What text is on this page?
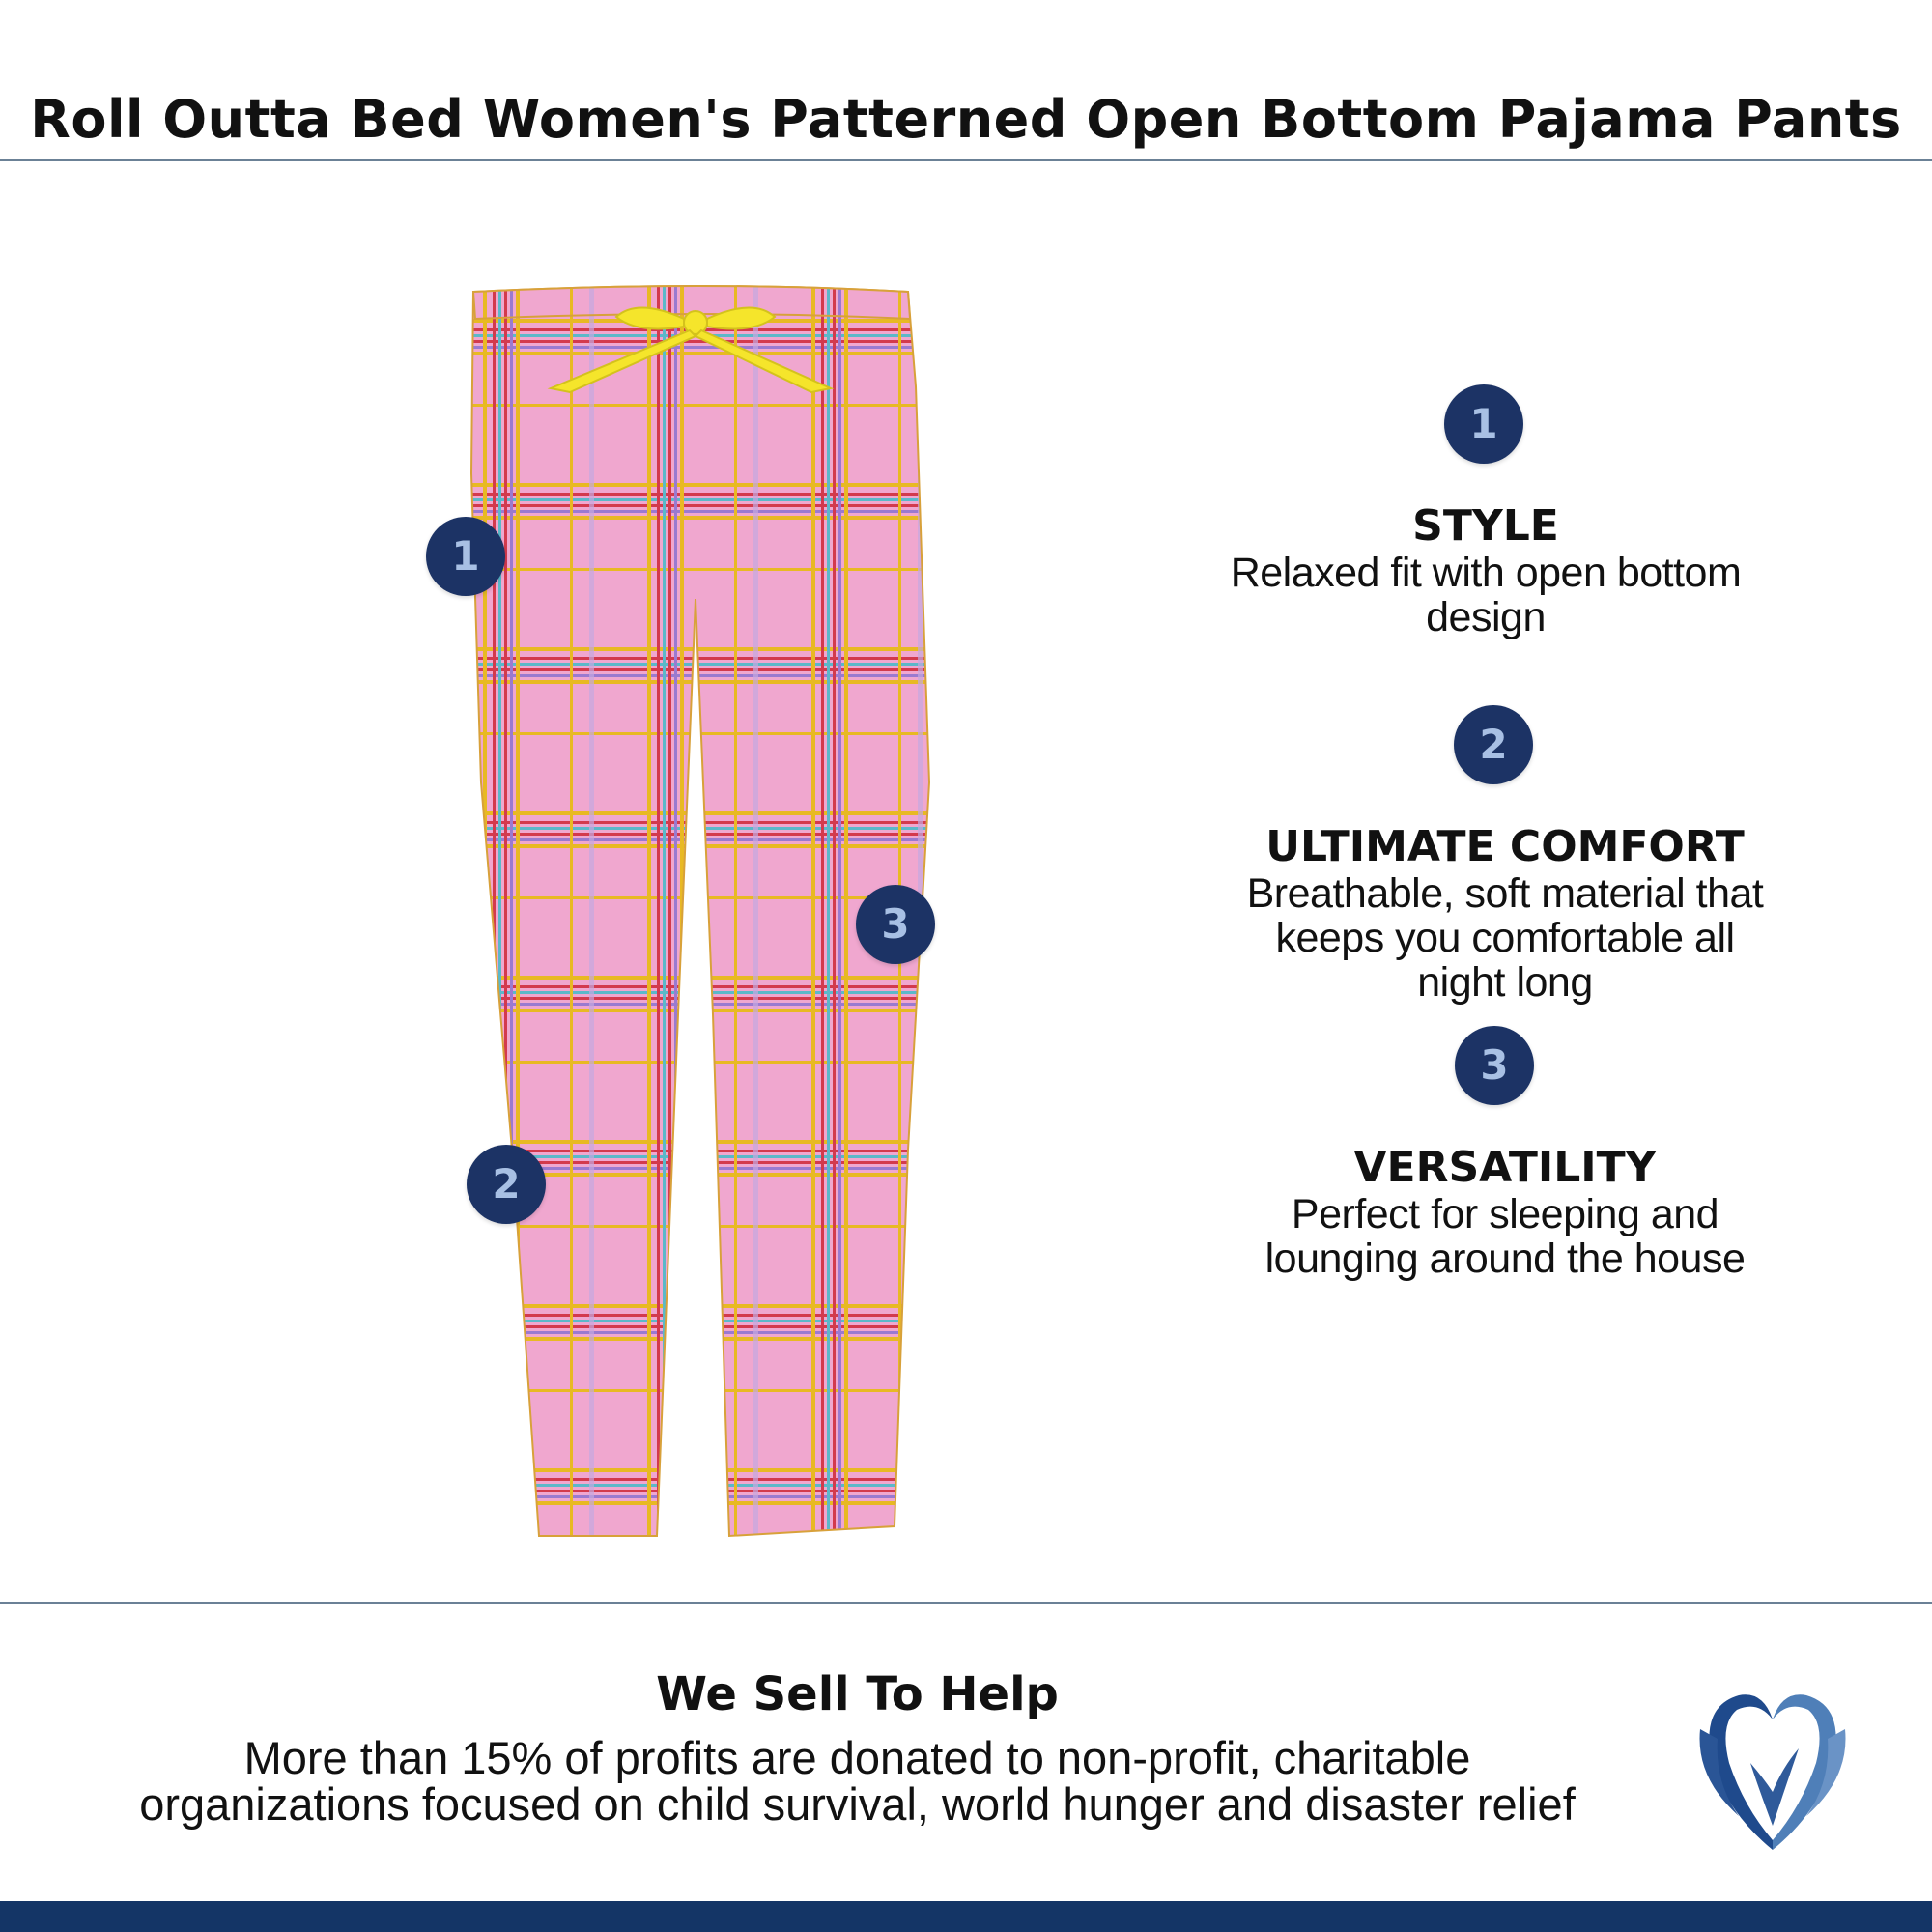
Roll Outta Bed Women's Patterned Open Bottom Pajama Pants
1
2
3
1
STYLE
Relaxed fit with open bottom
design
2
ULTIMATE COMFORT
Breathable, soft material that
keeps you comfortable all
night long
3
VERSATILITY
Perfect for sleeping and
lounging around the house
We Sell To Help
More than 15% of profits are donated to non-profit, charitable
organizations focused on child survival, world hunger and disaster relief
